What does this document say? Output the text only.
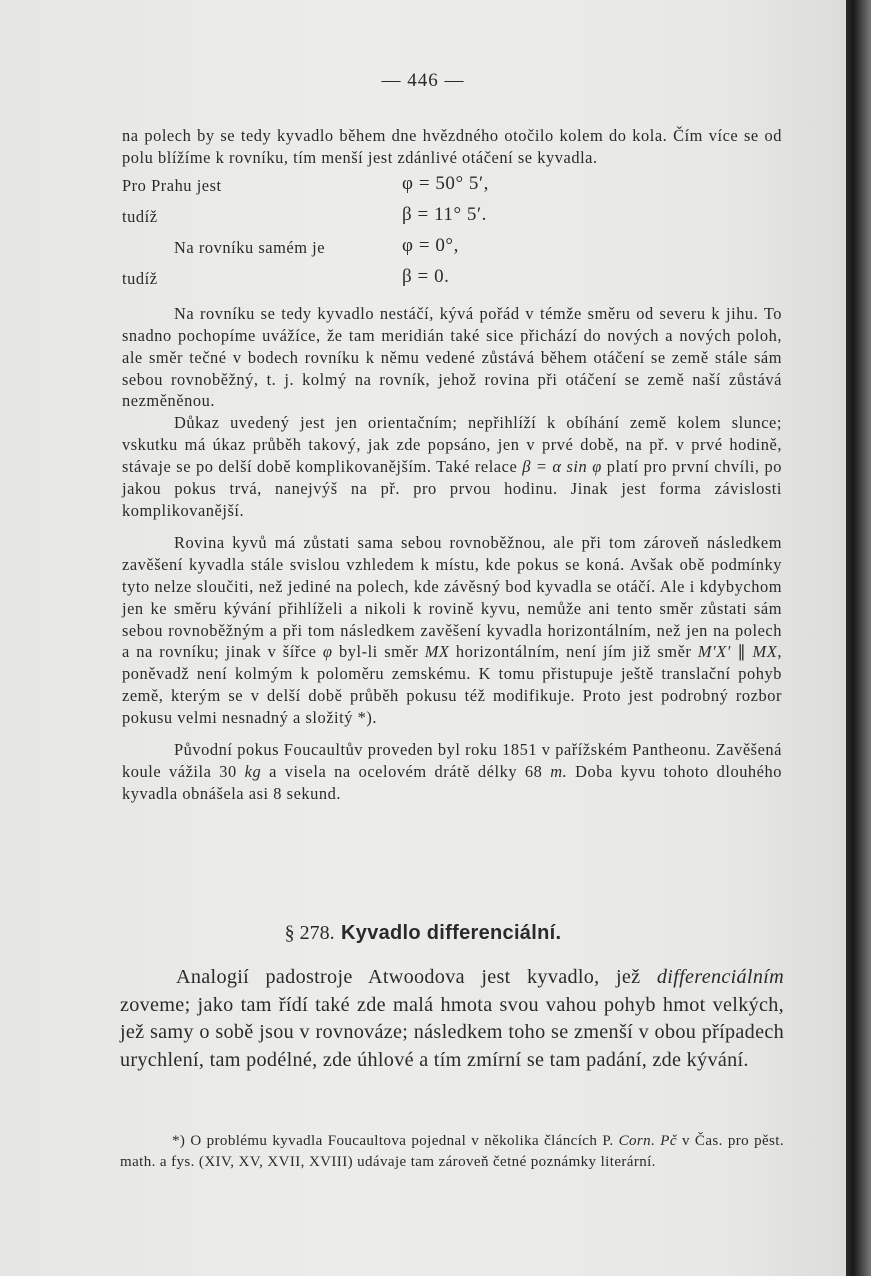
— 446 —

na polech by se tedy kyvadlo během dne hvězdného otočilo kolem do kola. Čím více se od polu blížíme k rovníku, tím menší jest zdánlivé otáčení se kyvadla.

Pro Prahu jest	φ = 50° 5′,
tudíž	β = 11° 5′.
Na rovníku samém je	φ = 0°,
tudíž	β = 0.

Na rovníku se tedy kyvadlo nestáčí, kývá pořád v témže směru od severu k jihu. To snadno pochopíme uvážíce, že tam meridián také sice přichází do nových a nových poloh, ale směr tečné v bodech rovníku k němu vedené zůstává během otáčení se země stále sám sebou rovnoběžný, t. j. kolmý na rovník, jehož rovina při otáčení se země naší zůstává nezměněnou.

Důkaz uvedený jest jen orientačním; nepřihlíží k obíhání země kolem slunce; vskutku má úkaz průběh takový, jak zde popsáno, jen v prvé době, na př. v prvé hodině, stávaje se po delší době komplikovanějším. Také relace β = α sin φ platí pro první chvíli, po jakou pokus trvá, nanejvýš na př. pro prvou hodinu. Jinak jest forma závislosti komplikovanější.

Rovina kyvů má zůstati sama sebou rovnoběžnou, ale při tom zároveň následkem zavěšení kyvadla stále svislou vzhledem k místu, kde pokus se koná. Avšak obě podmínky tyto nelze sloučiti, než jediné na polech, kde závěsný bod kyvadla se otáčí. Ale i kdybychom jen ke směru kývání přihlíželi a nikoli k rovině kyvu, nemůže ani tento směr zůstati sám sebou rovnoběžným a při tom následkem zavěšení kyvadla horizontálním, než jen na polech a na rovníku; jinak v šířce φ byl-li směr MX horizontálním, není jím již směr M′X′ ∥ MX, poněvadž není kolmým k poloměru zemskému. K tomu přistupuje ještě translační pohyb země, kterým se v delší době průběh pokusu též modifikuje. Proto jest podrobný rozbor pokusu velmi nesnadný a složitý *).

Původní pokus Foucaultův proveden byl roku 1851 v pařížském Pantheonu. Zavěšená koule vážila 30 kg a visela na ocelovém drátě délky 68 m. Doba kyvu tohoto dlouhého kyvadla obnášela asi 8 sekund.

§ 278. Kyvadlo differenciální.

Analogií padostroje Atwoodova jest kyvadlo, jež differenciálním zoveme; jako tam řídí také zde malá hmota svou vahou pohyb hmot velkých, jež samy o sobě jsou v rovnováze; následkem toho se zmenší v obou případech urychlení, tam podélné, zde úhlové a tím zmírní se tam padání, zde kývání.

*) O problému kyvadla Foucaultova pojednal v několika článcích P. Corn. Pč v Čas. pro pěst. math. a fys. (XIV, XV, XVII, XVIII) udávaje tam zároveň četné poznámky literární.
